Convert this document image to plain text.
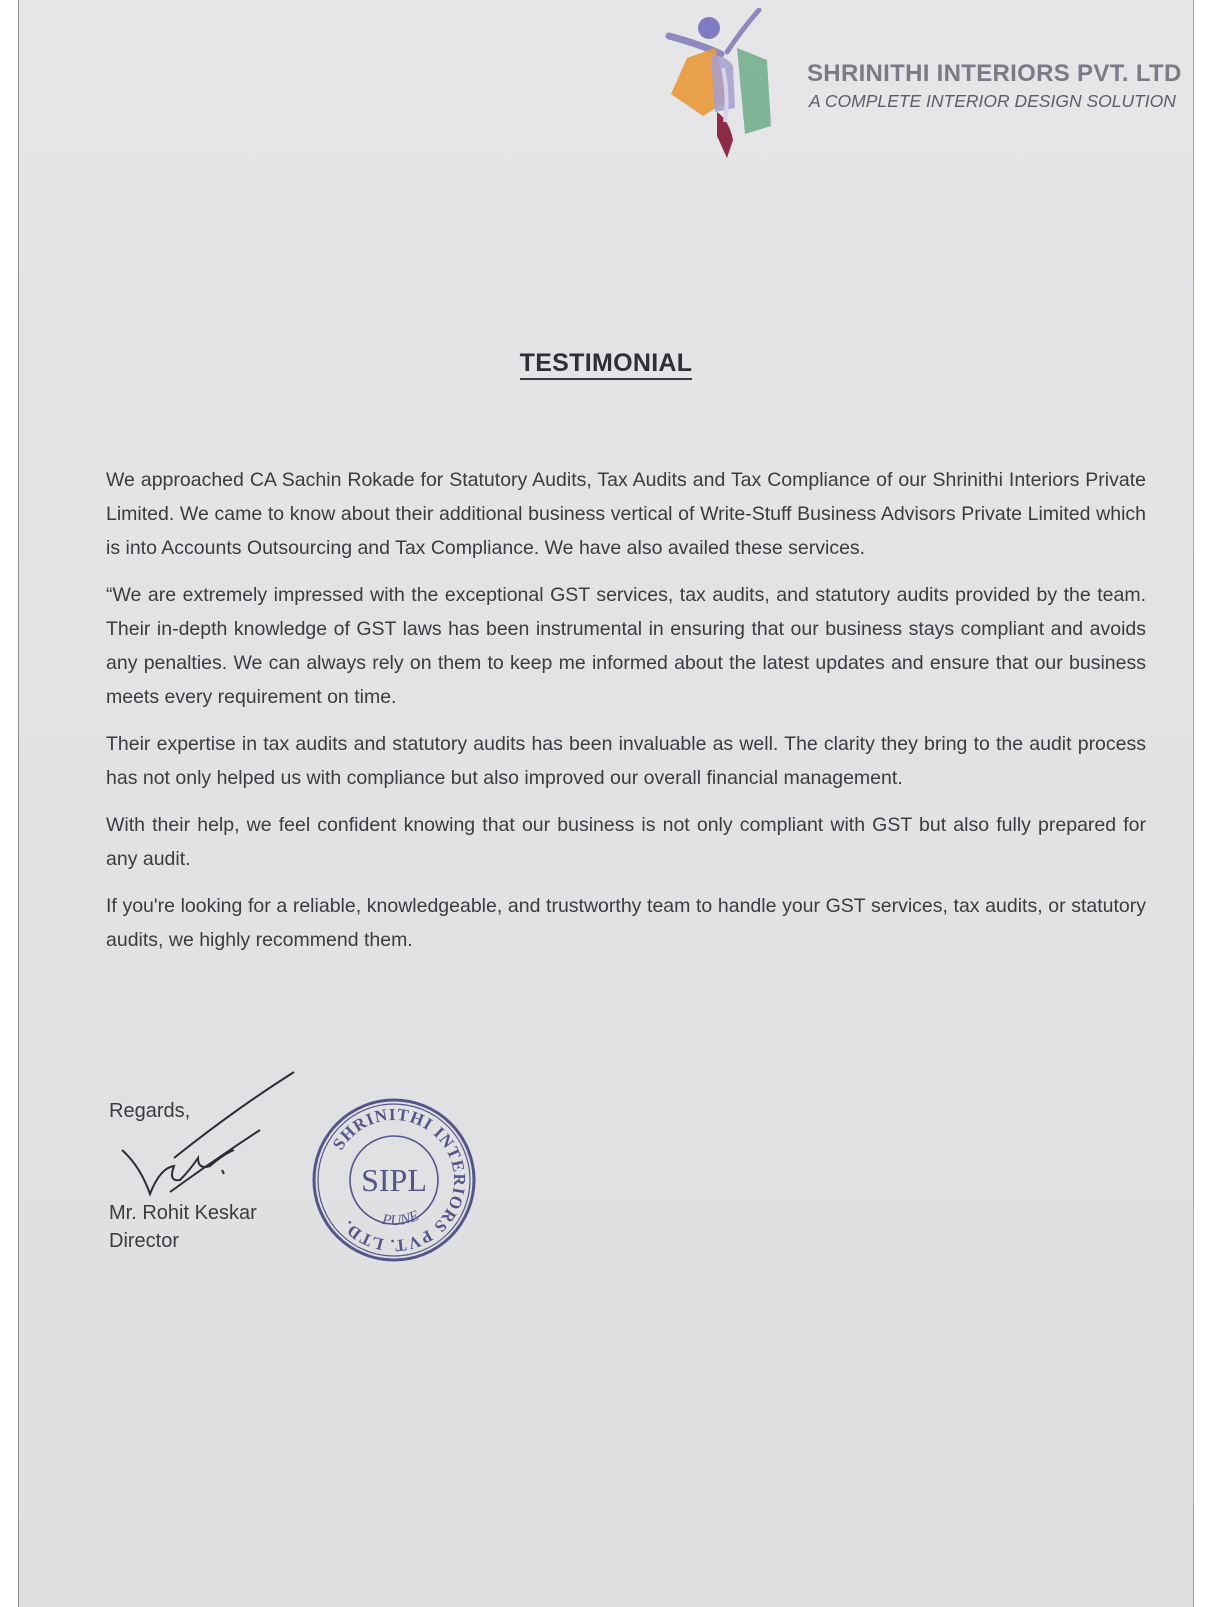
SHRINITHI INTERIORS PVT. LTD
A COMPLETE INTERIOR DESIGN SOLUTION
TESTIMONIAL

We approached CA Sachin Rokade for Statutory Audits, Tax Audits and Tax Compliance of our Shrinithi Interiors Private Limited. We came to know about their additional business vertical of Write-Stuff Business Advisors Private Limited which is into Accounts Outsourcing and Tax Compliance. We have also availed these services.

“We are extremely impressed with the exceptional GST services, tax audits, and statutory audits provided by the team. Their in-depth knowledge of GST laws has been instrumental in ensuring that our business stays compliant and avoids any penalties. We can always rely on them to keep me informed about the latest updates and ensure that our business meets every requirement on time.

Their expertise in tax audits and statutory audits has been invaluable as well. The clarity they bring to the audit process has not only helped us with compliance but also improved our overall financial management.

With their help, we feel confident knowing that our business is not only compliant with GST but also fully prepared for any audit.

If you're looking for a reliable, knowledgeable, and trustworthy team to handle your GST services, tax audits, or statutory audits, we highly recommend them.

Regards,
Mr. Rohit Keskar
Director
SHRINITHI INTERIORS PVT. LTD.
SIPL
PUNE
